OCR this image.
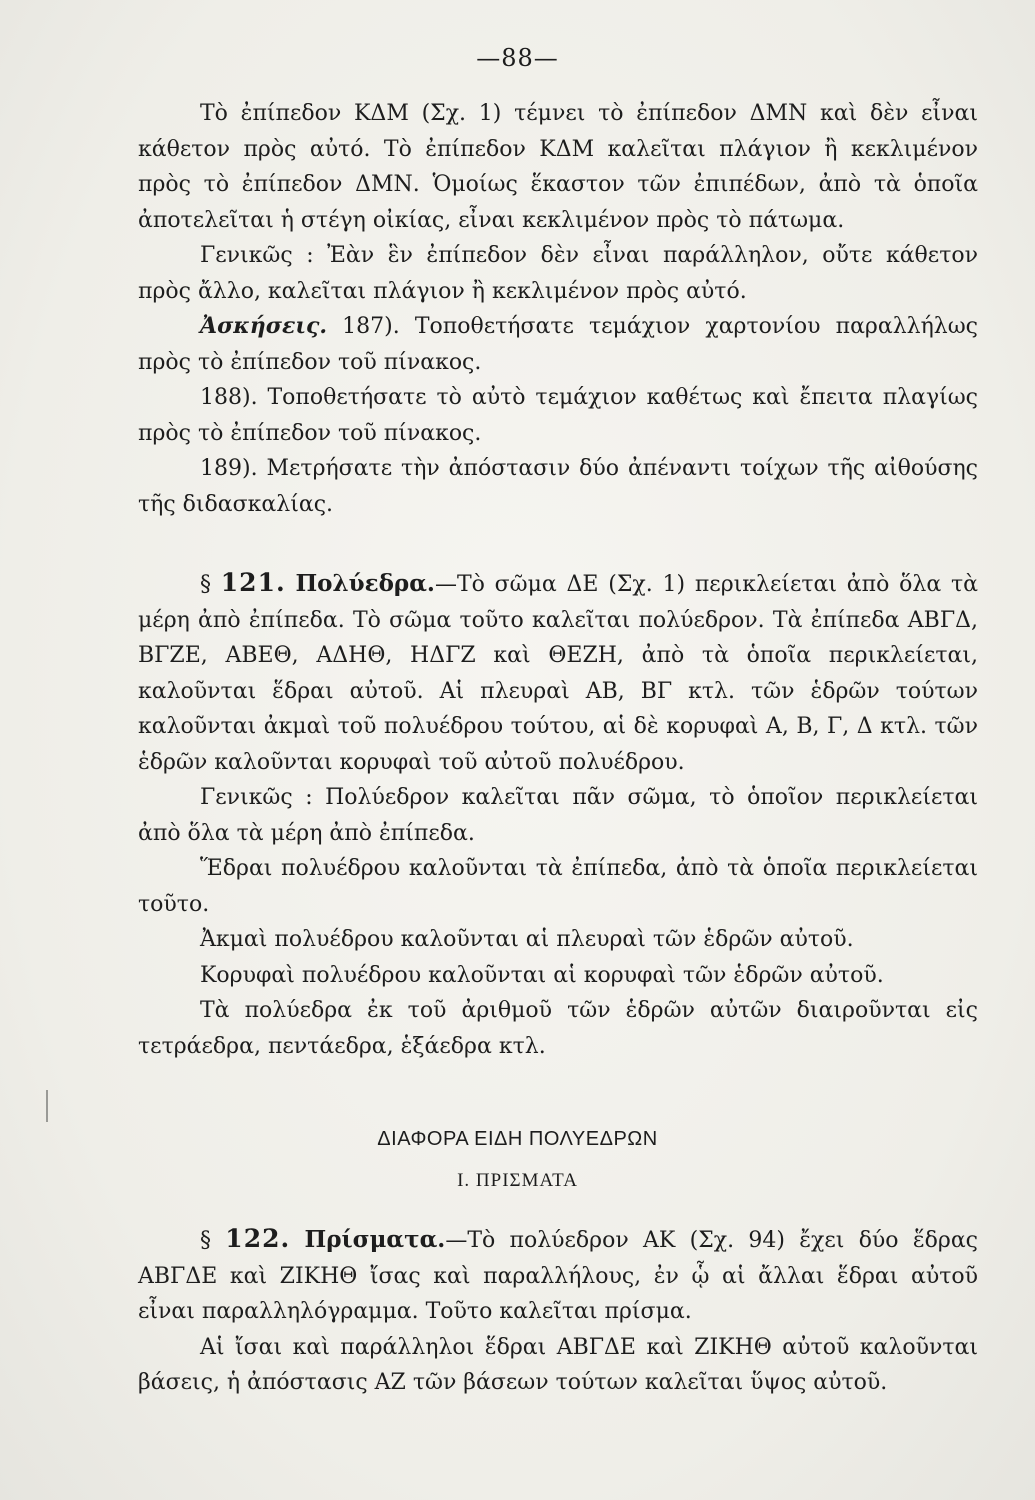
—88—

Τὸ ἐπίπεδον ΚΔΜ (Σχ. 1) τέμνει τὸ ἐπίπεδον ΔΜΝ καὶ δὲν εἶναι κάθετον πρὸς αὐτό. Τὸ ἐπίπεδον ΚΔΜ καλεῖται πλάγιον ἢ κεκλιμένον πρὸς τὸ ἐπίπεδον ΔΜΝ. Ὁμοίως ἕκαστον τῶν ἐπιπέδων, ἀπὸ τὰ ὁποῖα ἀποτελεῖται ἡ στέγη οἰκίας, εἶναι κεκλιμένον πρὸς τὸ πάτωμα.

Γενικῶς : Ἐὰν ἓν ἐπίπεδον δὲν εἶναι παράλληλον, οὔτε κάθετον πρὸς ἄλλο, καλεῖται πλάγιον ἢ κεκλιμένον πρὸς αὐτό.

Ἀσκήσεις. 187). Τοποθετήσατε τεμάχιον χαρτονίου παραλλήλως πρὸς τὸ ἐπίπεδον τοῦ πίνακος.

188). Τοποθετήσατε τὸ αὐτὸ τεμάχιον καθέτως καὶ ἔπειτα πλαγίως πρὸς τὸ ἐπίπεδον τοῦ πίνακος.

189). Μετρήσατε τὴν ἀπόστασιν δύο ἀπέναντι τοίχων τῆς αἰθούσης τῆς διδασκαλίας.

§ 121. Πολύεδρα.—Τὸ σῶμα ΔΕ (Σχ. 1) περικλείεται ἀπὸ ὅλα τὰ μέρη ἀπὸ ἐπίπεδα. Τὸ σῶμα τοῦτο καλεῖται πολύεδρον. Τὰ ἐπίπεδα ΑΒΓΔ, ΒΓΖΕ, ΑΒΕΘ, ΑΔΗΘ, ΗΔΓΖ καὶ ΘΕΖΗ, ἀπὸ τὰ ὁποῖα περικλείεται, καλοῦνται ἕδραι αὐτοῦ. Αἱ πλευραὶ ΑΒ, ΒΓ κτλ. τῶν ἑδρῶν τούτων καλοῦνται ἀκμαὶ τοῦ πολυέδρου τούτου, αἱ δὲ κορυφαὶ Α, Β, Γ, Δ κτλ. τῶν ἑδρῶν καλοῦνται κορυφαὶ τοῦ αὐτοῦ πολυέδρου.

Γενικῶς : Πολύεδρον καλεῖται πᾶν σῶμα, τὸ ὁποῖον περικλείεται ἀπὸ ὅλα τὰ μέρη ἀπὸ ἐπίπεδα.

Ἕδραι πολυέδρου καλοῦνται τὰ ἐπίπεδα, ἀπὸ τὰ ὁποῖα περικλείεται τοῦτο.

Ἀκμαὶ πολυέδρου καλοῦνται αἱ πλευραὶ τῶν ἑδρῶν αὐτοῦ.

Κορυφαὶ πολυέδρου καλοῦνται αἱ κορυφαὶ τῶν ἑδρῶν αὐτοῦ.

Τὰ πολύεδρα ἐκ τοῦ ἀριθμοῦ τῶν ἑδρῶν αὐτῶν διαιροῦνται εἰς τετράεδρα, πεντάεδρα, ἑξάεδρα κτλ.

ΔΙΑΦΟΡΑ ΕΙΔΗ ΠΟΛΥΕΔΡΩΝ
Ι. ΠΡΙΣΜΑΤΑ

§ 122. Πρίσματα.—Τὸ πολύεδρον ΑΚ (Σχ. 94) ἔχει δύο ἕδρας ΑΒΓΔΕ καὶ ΖΙΚΗΘ ἴσας καὶ παραλλήλους, ἐν ᾧ αἱ ἄλλαι ἕδραι αὐτοῦ εἶναι παραλληλόγραμμα. Τοῦτο καλεῖται πρίσμα.

Αἱ ἴσαι καὶ παράλληλοι ἕδραι ΑΒΓΔΕ καὶ ΖΙΚΗΘ αὐτοῦ καλοῦνται βάσεις, ἡ ἀπόστασις ΑΖ τῶν βάσεων τούτων καλεῖται ὕψος αὐτοῦ.
